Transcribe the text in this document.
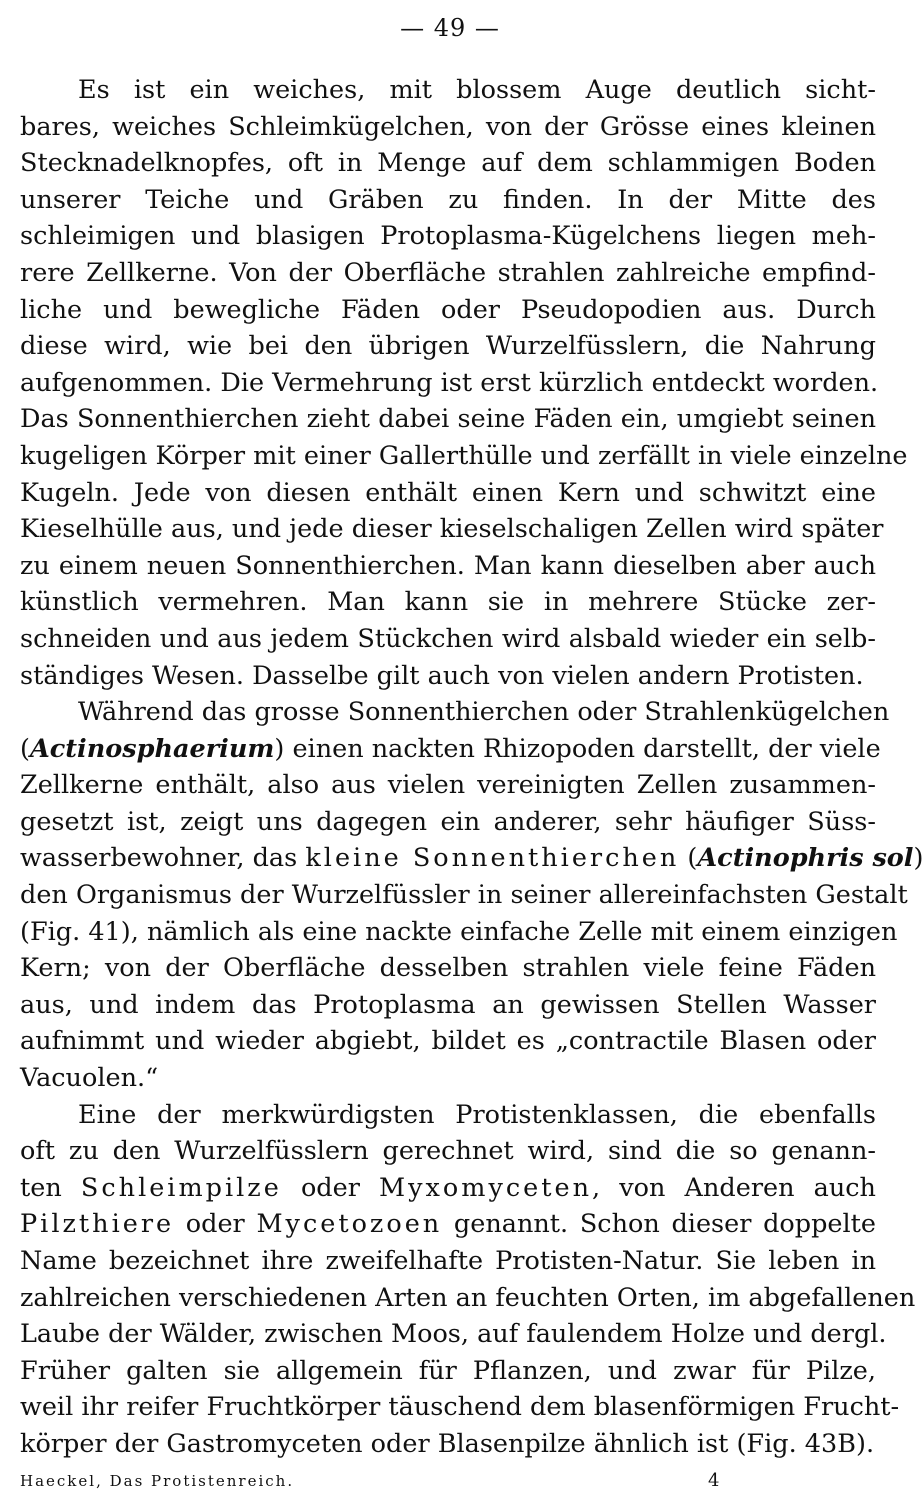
— 49 —

Es ist ein weiches, mit blossem Auge deutlich sicht-
bares, weiches Schleimkügelchen, von der Grösse eines kleinen
Stecknadelknopfes, oft in Menge auf dem schlammigen Boden
unserer Teiche und Gräben zu finden. In der Mitte des
schleimigen und blasigen Protoplasma-Kügelchens liegen meh-
rere Zellkerne. Von der Oberfläche strahlen zahlreiche empfind-
liche und bewegliche Fäden oder Pseudopodien aus. Durch
diese wird, wie bei den übrigen Wurzelfüsslern, die Nahrung
aufgenommen. Die Vermehrung ist erst kürzlich entdeckt worden.
Das Sonnenthierchen zieht dabei seine Fäden ein, umgiebt seinen
kugeligen Körper mit einer Gallerthülle und zerfällt in viele einzelne
Kugeln. Jede von diesen enthält einen Kern und schwitzt eine
Kieselhülle aus, und jede dieser kieselschaligen Zellen wird später
zu einem neuen Sonnenthierchen. Man kann dieselben aber auch
künstlich vermehren. Man kann sie in mehrere Stücke zer-
schneiden und aus jedem Stückchen wird alsbald wieder ein selb-
ständiges Wesen. Dasselbe gilt auch von vielen andern Protisten.

Während das grosse Sonnenthierchen oder Strahlenkügelchen
(Actinosphaerium) einen nackten Rhizopoden darstellt, der viele
Zellkerne enthält, also aus vielen vereinigten Zellen zusammen-
gesetzt ist, zeigt uns dagegen ein anderer, sehr häufiger Süss-
wasserbewohner, das kleine Sonnenthierchen (Actinophris sol)
den Organismus der Wurzelfüssler in seiner allereinfachsten Gestalt
(Fig. 41), nämlich als eine nackte einfache Zelle mit einem einzigen
Kern; von der Oberfläche desselben strahlen viele feine Fäden
aus, und indem das Protoplasma an gewissen Stellen Wasser
aufnimmt und wieder abgiebt, bildet es „contractile Blasen oder
Vacuolen.“

Eine der merkwürdigsten Protistenklassen, die ebenfalls
oft zu den Wurzelfüsslern gerechnet wird, sind die so genann-
ten Schleimpilze oder Myxomyceten, von Anderen auch
Pilzthiere oder Mycetozoen genannt. Schon dieser doppelte
Name bezeichnet ihre zweifelhafte Protisten-Natur. Sie leben in
zahlreichen verschiedenen Arten an feuchten Orten, im abgefallenen
Laube der Wälder, zwischen Moos, auf faulendem Holze und dergl.
Früher galten sie allgemein für Pflanzen, und zwar für Pilze,
weil ihr reifer Fruchtkörper täuschend dem blasenförmigen Frucht-
körper der Gastromyceten oder Blasenpilze ähnlich ist (Fig. 43B).

Haeckel, Das Protistenreich.	4
